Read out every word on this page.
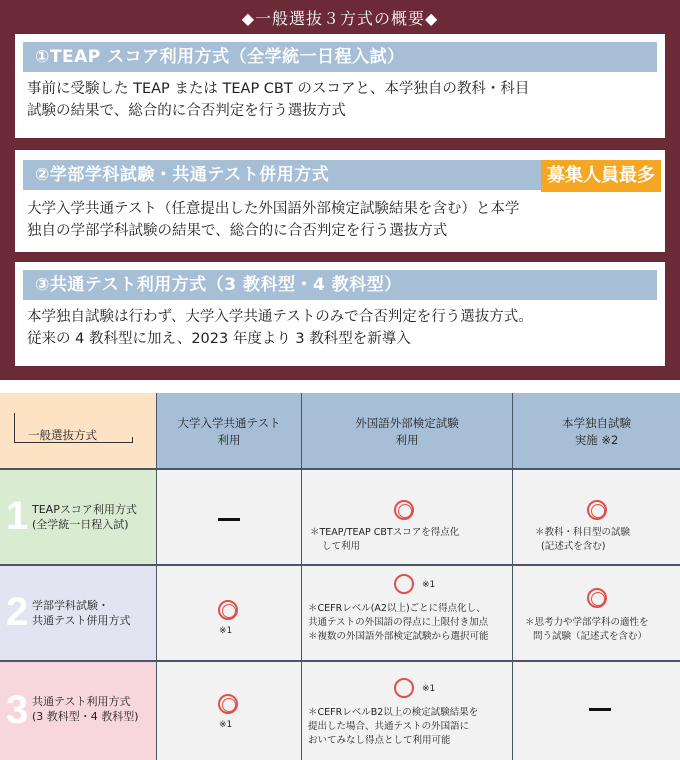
◆一般選抜３方式の概要◆
①TEAP スコア利用方式（全学統一日程入試）
事前に受験した TEAP または TEAP CBT のスコアと、本学独自の教科・科目
試験の結果で、総合的に合否判定を行う選抜方式
②学部学科試験・共通テスト併用方式	募集人員最多
大学入学共通テスト（任意提出した外国語外部検定試験結果を含む）と本学
独自の学部学科試験の結果で、総合的に合否判定を行う選抜方式
③共通テスト利用方式（3 教科型・4 教科型）
本学独自試験は行わず、大学入学共通テストのみで合否判定を行う選抜方式。
従来の 4 教科型に加え、2023 年度より 3 教科型を新導入
一般選抜方式
大学入学共通テスト
利用
外国語外部検定試験
利用
本学独自試験
実施 ※2
1 TEAPスコア利用方式
(全学統一日程入試)
＊TEAP/TEAP CBTスコアを得点化
して利用
＊教科・科目型の試験
(記述式を含む)
2 学部学科試験・
共通テスト併用方式
※1
※1
＊CEFRレベル(A2以上)ごとに得点化し、
共通テストの外国語の得点に上限付き加点
＊複数の外国語外部検定試験から選択可能
＊思考力や学部学科の適性を
問う試験（記述式を含む）
3 共通テスト利用方式
(3 教科型・4 教科型)
※1
※1
＊CEFRレベルB2以上の検定試験結果を
提出した場合、共通テストの外国語に
おいてみなし得点として利用可能
